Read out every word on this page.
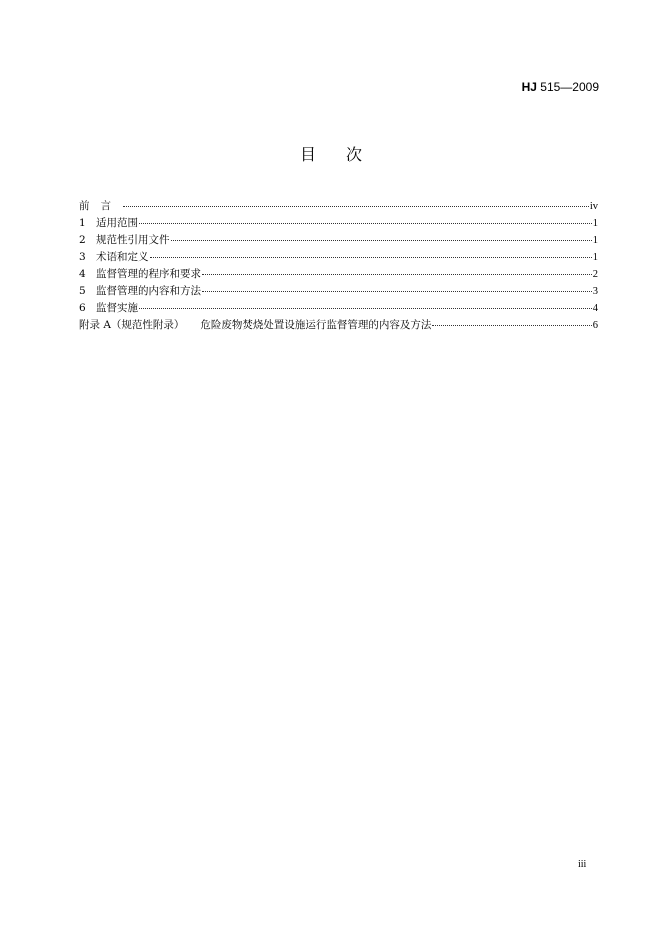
HJ 515—2009
目次
前言	iv
1 适用范围	1
2 规范性引用文件	1
3 术语和定义	1
4 监督管理的程序和要求	2
5 监督管理的内容和方法	3
6 监督实施	4
附录 A（规范性附录） 危险废物焚烧处置设施运行监督管理的内容及方法	6
iii
